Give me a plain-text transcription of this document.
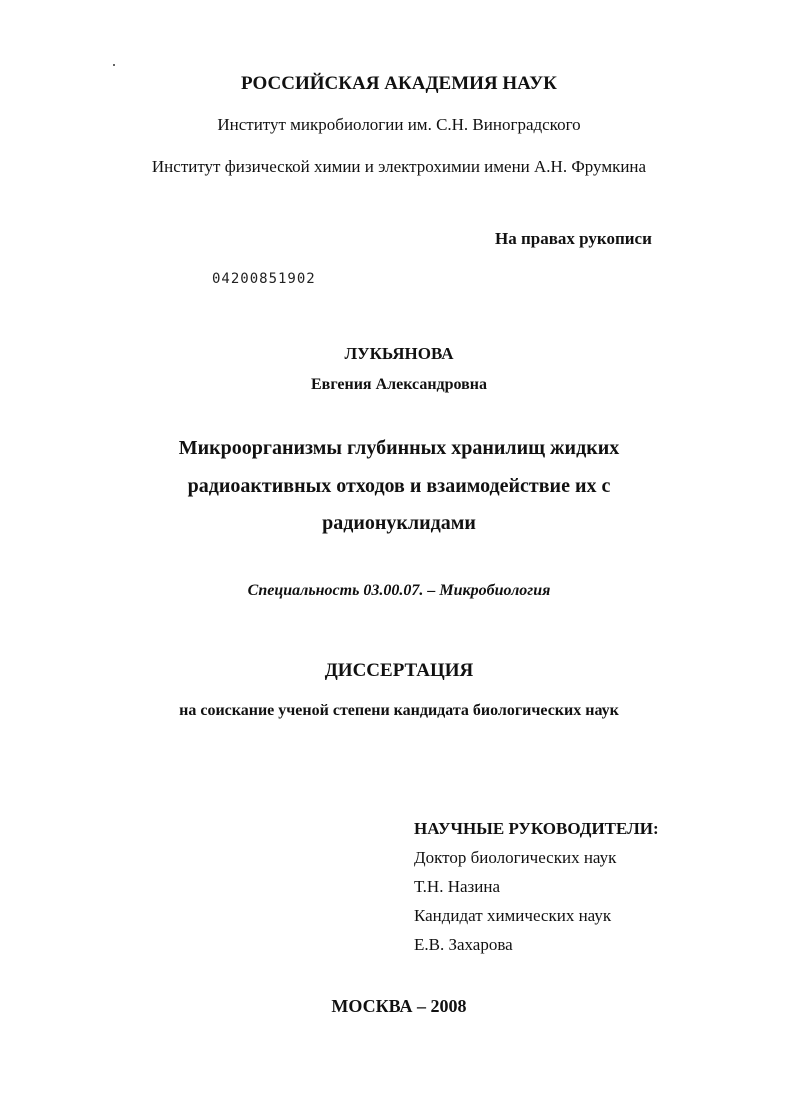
РОССИЙСКАЯ АКАДЕМИЯ НАУК
Институт микробиологии им. С.Н. Виноградского
Институт физической химии и электрохимии имени А.Н. Фрумкина
На правах рукописи
04200851902
ЛУКЬЯНОВА
Евгения Александровна
Микроорганизмы глубинных хранилищ жидких
радиоактивных отходов и взаимодействие их с
радионуклидами
Специальность 03.00.07. – Микробиология
ДИССЕРТАЦИЯ
на соискание ученой степени кандидата биологических наук
НАУЧНЫЕ РУКОВОДИТЕЛИ:
Доктор биологических наук
Т.Н. Назина
Кандидат химических наук
Е.В. Захарова
МОСКВА – 2008
